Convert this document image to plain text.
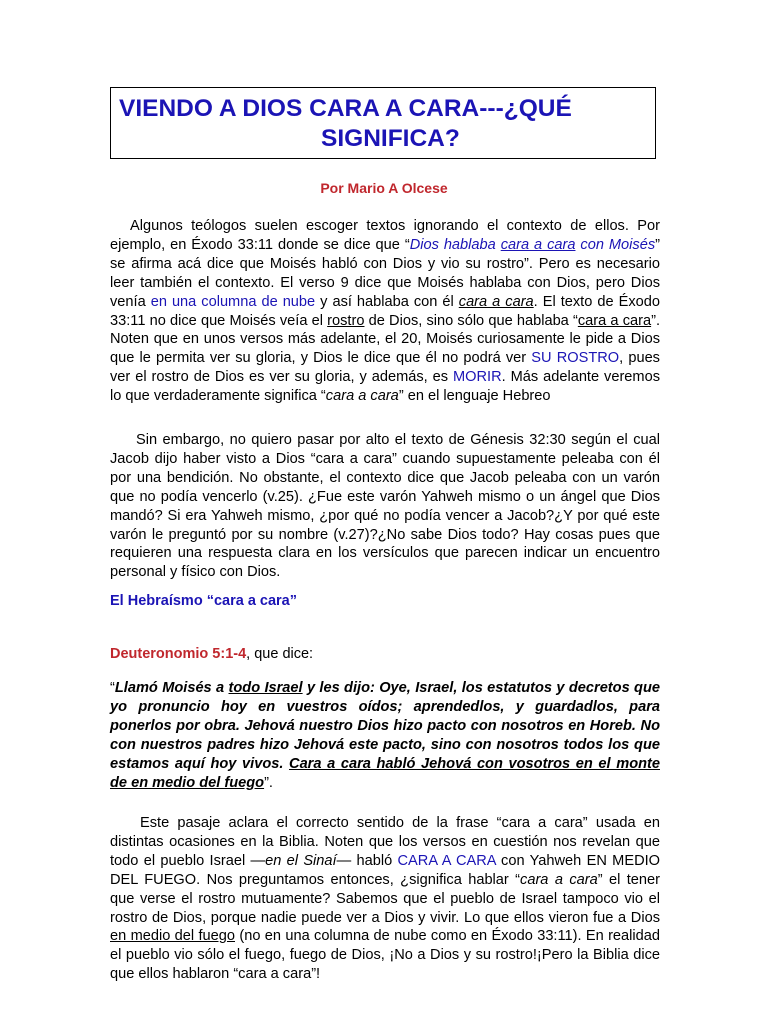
VIENDO A DIOS CARA A CARA---¿QUÉ
SIGNIFICA?
Por Mario A Olcese
Algunos teólogos suelen escoger textos ignorando el contexto de ellos. Por ejemplo, en Éxodo 33:11 donde se dice que “Dios hablaba cara a cara con Moisés” se afirma acá dice que Moisés habló con Dios y vio su rostro”. Pero es necesario leer también el contexto. El verso 9 dice que Moisés hablaba con Dios, pero Dios venía en una columna de nube y así hablaba con él cara a cara. El texto de Éxodo 33:11 no dice que Moisés veía el rostro de Dios, sino sólo que hablaba “cara a cara”. Noten que en unos versos más adelante, el 20, Moisés curiosamente le pide a Dios que le permita ver su gloria, y Dios le dice que él no podrá ver SU ROSTRO, pues ver el rostro de Dios es ver su gloria, y además, es MORIR. Más adelante veremos lo que verdaderamente significa “cara a cara” en el lenguaje Hebreo
Sin embargo, no quiero pasar por alto el texto de Génesis 32:30 según el cual Jacob dijo haber visto a Dios “cara a cara” cuando supuestamente peleaba con él por una bendición. No obstante, el contexto dice que Jacob peleaba con un varón que no podía vencerlo (v.25). ¿Fue este varón Yahweh mismo o un ángel que Dios mandó? Si era Yahweh mismo, ¿por qué no podía vencer a Jacob?¿Y por qué este varón le preguntó por su nombre (v.27)?¿No sabe Dios todo? Hay cosas pues que requieren una respuesta clara en los versículos que parecen indicar un encuentro personal y físico con Dios.
El Hebraísmo “cara a cara”
Deuteronomio 5:1-4, que dice:
“Llamó Moisés a todo Israel y les dijo: Oye, Israel, los estatutos y decretos que yo pronuncio hoy en vuestros oídos; aprendedlos, y guardadlos, para ponerlos por obra. Jehová nuestro Dios hizo pacto con nosotros en Horeb. No con nuestros padres hizo Jehová este pacto, sino con nosotros todos los que estamos aquí hoy vivos. Cara a cara habló Jehová con vosotros en el monte de en medio del fuego”.
Este pasaje aclara el correcto sentido de la frase “cara a cara” usada en distintas ocasiones en la Biblia. Noten que los versos en cuestión nos revelan que todo el pueblo Israel —en el Sinaí— habló CARA A CARA con Yahweh EN MEDIO DEL FUEGO. Nos preguntamos entonces, ¿significa hablar “cara a cara” el tener que verse el rostro mutuamente? Sabemos que el pueblo de Israel tampoco vio el rostro de Dios, porque nadie puede ver a Dios y vivir. Lo que ellos vieron fue a Dios en medio del fuego (no en una columna de nube como en Éxodo 33:11). En realidad el pueblo vio sólo el fuego, fuego de Dios, ¡No a Dios y su rostro!¡Pero la Biblia dice que ellos hablaron “cara a cara”!
